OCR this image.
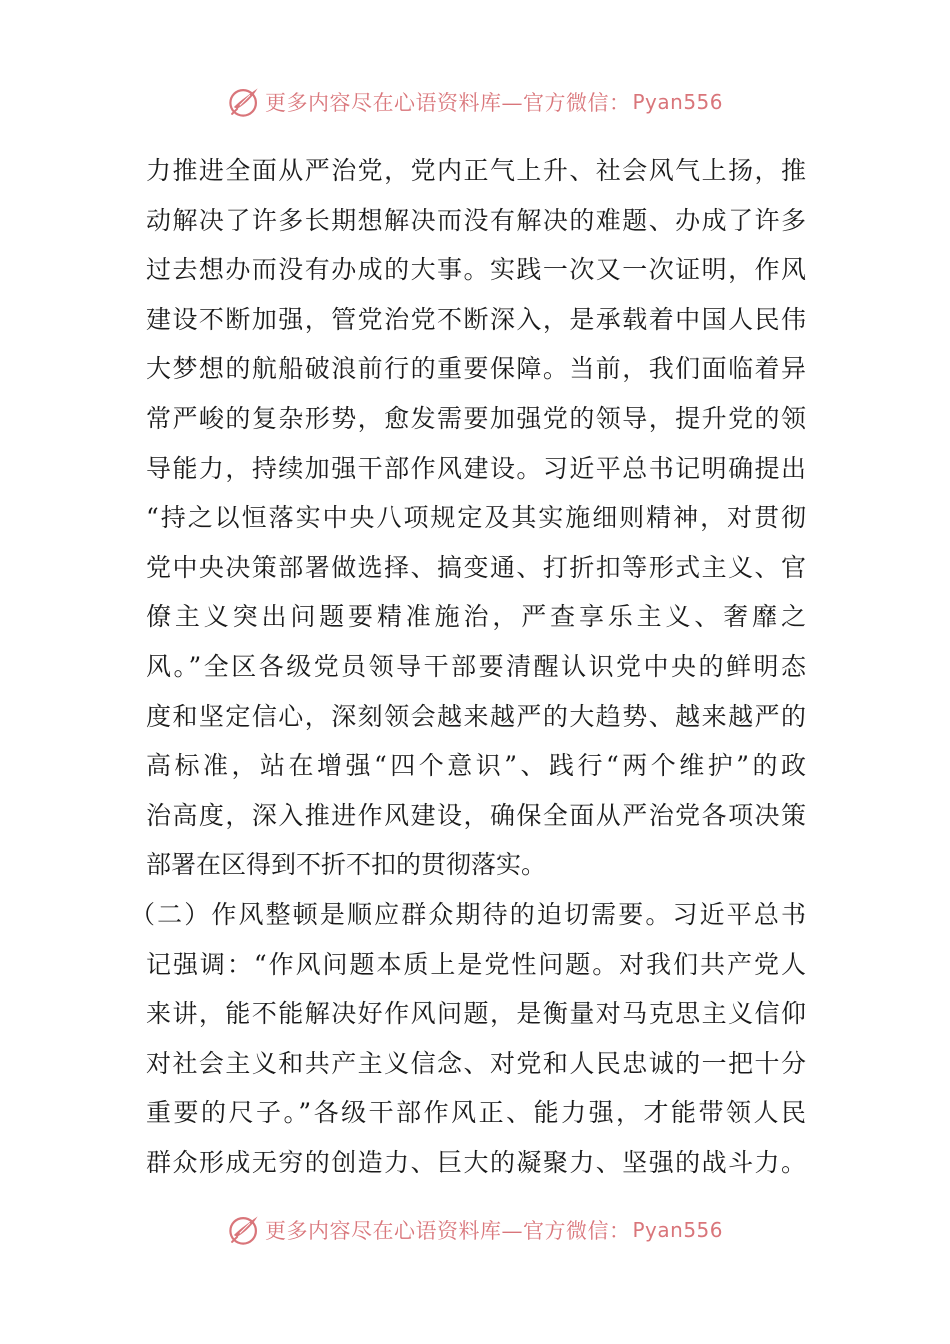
更多内容尽在心语资料库—官方微信： Pyan556
力推进全面从严治党，党内正气上升、社会风气上扬，推
动解决了许多长期想解决而没有解决的难题、办成了许多
过去想办而没有办成的大事。实践一次又一次证明，作风
建设不断加强，管党治党不断深入，是承载着中国人民伟
大梦想的航船破浪前行的重要保障。当前，我们面临着异
常严峻的复杂形势，愈发需要加强党的领导，提升党的领
导能力，持续加强干部作风建设。习近平总书记明确提出
“持之以恒落实中央八项规定及其实施细则精神，对贯彻
党中央决策部署做选择、搞变通、打折扣等形式主义、官
僚主义突出问题要精准施治，严查享乐主义、奢靡之
风。”全区各级党员领导干部要清醒认识党中央的鲜明态
度和坚定信心，深刻领会越来越严的大趋势、越来越严的
高标准，站在增强“四个意识”、践行“两个维护”的政
治高度，深入推进作风建设，确保全面从严治党各项决策
部署在区得到不折不扣的贯彻落实。
（二）作风整顿是顺应群众期待的迫切需要。习近平总书
记强调：“作风问题本质上是党性问题。对我们共产党人
来讲，能不能解决好作风问题，是衡量对马克思主义信仰
对社会主义和共产主义信念、对党和人民忠诚的一把十分
重要的尺子。”各级干部作风正、能力强，才能带领人民
群众形成无穷的创造力、巨大的凝聚力、坚强的战斗力。
更多内容尽在心语资料库—官方微信： Pyan556
